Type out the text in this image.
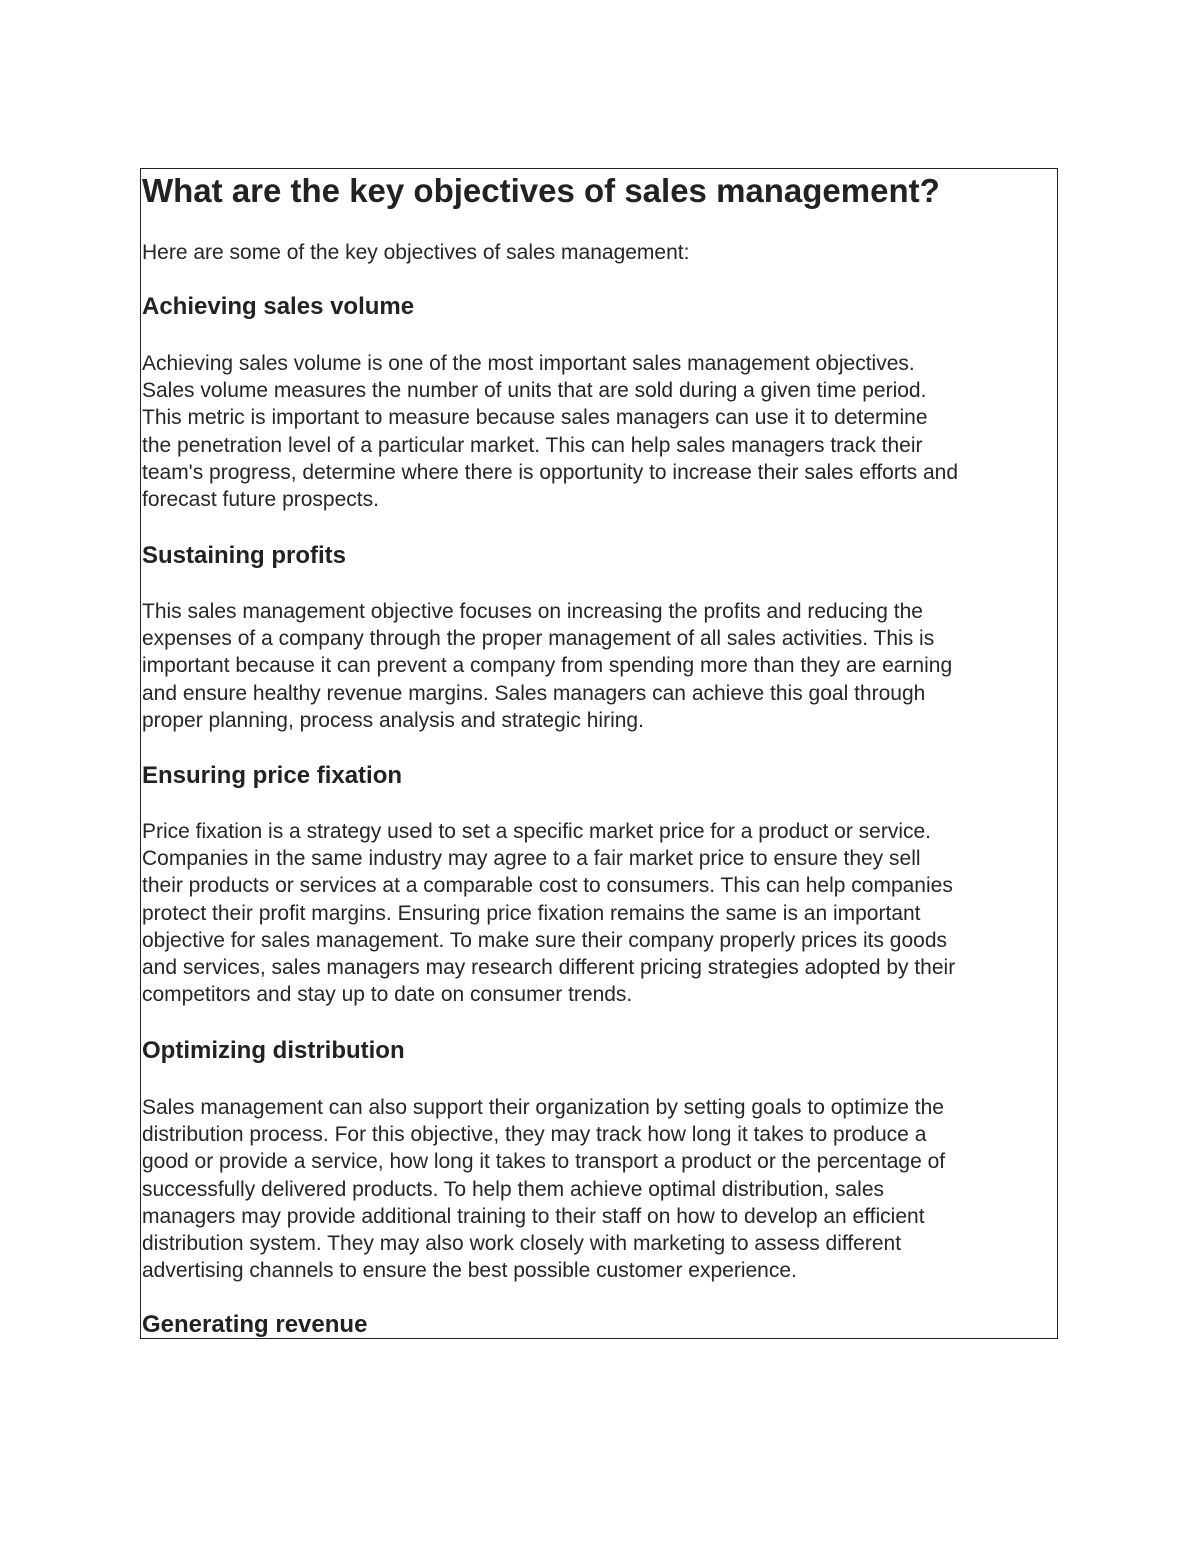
What are the key objectives of sales management?

Here are some of the key objectives of sales management:

Achieving sales volume
Achieving sales volume is one of the most important sales management objectives.
Sales volume measures the number of units that are sold during a given time period.
This metric is important to measure because sales managers can use it to determine
the penetration level of a particular market. This can help sales managers track their
team's progress, determine where there is opportunity to increase their sales efforts and
forecast future prospects.
Sustaining profits
This sales management objective focuses on increasing the profits and reducing the
expenses of a company through the proper management of all sales activities. This is
important because it can prevent a company from spending more than they are earning
and ensure healthy revenue margins. Sales managers can achieve this goal through
proper planning, process analysis and strategic hiring.
Ensuring price fixation
Price fixation is a strategy used to set a specific market price for a product or service.
Companies in the same industry may agree to a fair market price to ensure they sell
their products or services at a comparable cost to consumers. This can help companies
protect their profit margins. Ensuring price fixation remains the same is an important
objective for sales management. To make sure their company properly prices its goods
and services, sales managers may research different pricing strategies adopted by their
competitors and stay up to date on consumer trends.
Optimizing distribution
Sales management can also support their organization by setting goals to optimize the
distribution process. For this objective, they may track how long it takes to produce a
good or provide a service, how long it takes to transport a product or the percentage of
successfully delivered products. To help them achieve optimal distribution, sales
managers may provide additional training to their staff on how to develop an efficient
distribution system. They may also work closely with marketing to assess different
advertising channels to ensure the best possible customer experience.
Generating revenue
